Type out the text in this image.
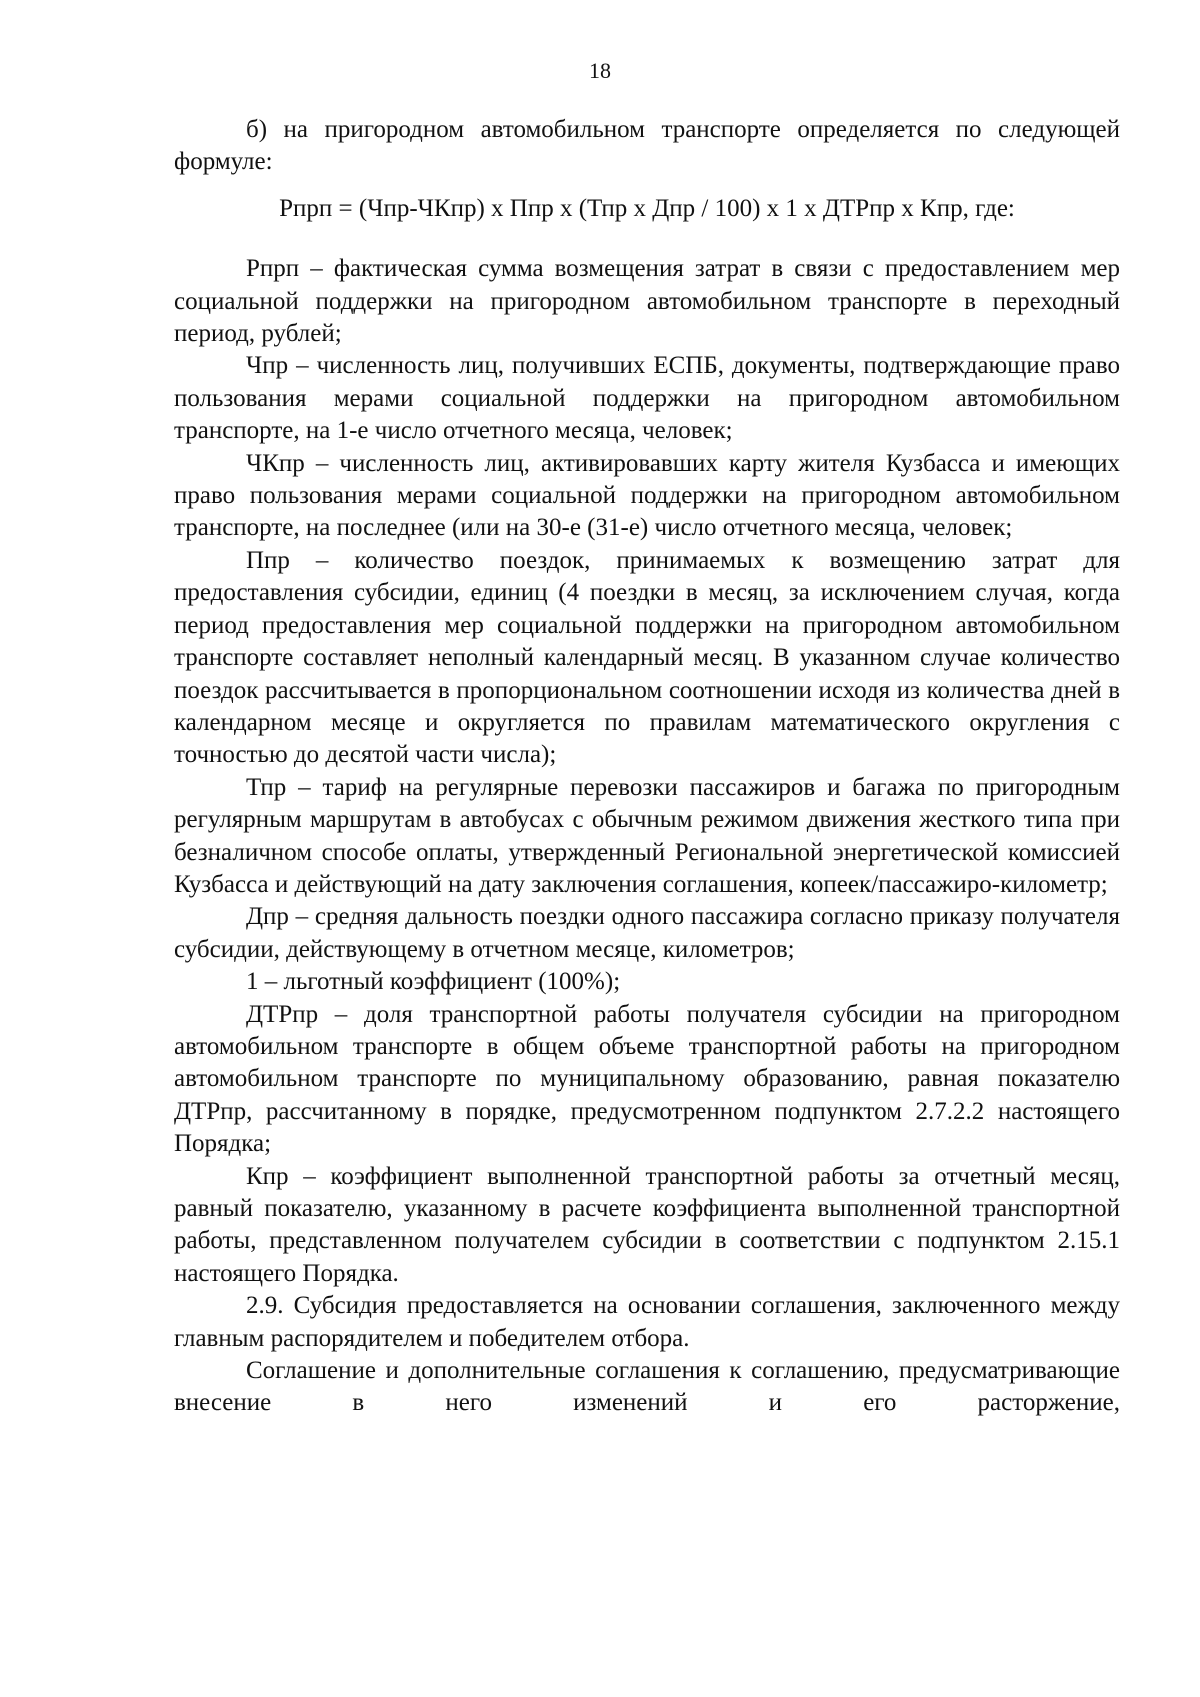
18

б) на пригородном автомобильном транспорте определяется по следующей формуле:

Рпрп = (Чпр-ЧКпр) х Ппр х (Тпр х Дпр / 100) х 1 х ДТРпр х Кпр, где:

Рпрп – фактическая сумма возмещения затрат в связи с предоставлением мер социальной поддержки на пригородном автомобильном транспорте в переходный период, рублей;

Чпр – численность лиц, получивших ЕСПБ, документы, подтверждающие право пользования мерами социальной поддержки на пригородном автомобильном транспорте, на 1-е число отчетного месяца, человек;

ЧКпр – численность лиц, активировавших карту жителя Кузбасса и имеющих право пользования мерами социальной поддержки на пригородном автомобильном транспорте, на последнее (или на 30-е (31-е) число отчетного месяца, человек;

Ппр – количество поездок, принимаемых к возмещению затрат для предоставления субсидии, единиц (4 поездки в месяц, за исключением случая, когда период предоставления мер социальной поддержки на пригородном автомобильном транспорте составляет неполный календарный месяц. В указанном случае количество поездок рассчитывается в пропорциональном соотношении исходя из количества дней в календарном месяце и округляется по правилам математического округления с точностью до десятой части числа);

Тпр – тариф на регулярные перевозки пассажиров и багажа по пригородным регулярным маршрутам в автобусах с обычным режимом движения жесткого типа при безналичном способе оплаты, утвержденный Региональной энергетической комиссией Кузбасса и действующий на дату заключения соглашения, копеек/пассажиро-километр;

Дпр – средняя дальность поездки одного пассажира согласно приказу получателя субсидии, действующему в отчетном месяце, километров;

1 – льготный коэффициент (100%);

ДТРпр – доля транспортной работы получателя субсидии на пригородном автомобильном транспорте в общем объеме транспортной работы на пригородном автомобильном транспорте по муниципальному образованию, равная показателю ДТРпр, рассчитанному в порядке, предусмотренном подпунктом 2.7.2.2 настоящего Порядка;

Кпр – коэффициент выполненной транспортной работы за отчетный месяц, равный показателю, указанному в расчете коэффициента выполненной транспортной работы, представленном получателем субсидии в соответствии с подпунктом 2.15.1 настоящего Порядка.

2.9. Субсидия предоставляется на основании соглашения, заключенного между главным распорядителем и победителем отбора.

Соглашение и дополнительные соглашения к соглашению, предусматривающие внесение в него изменений и его расторжение,
